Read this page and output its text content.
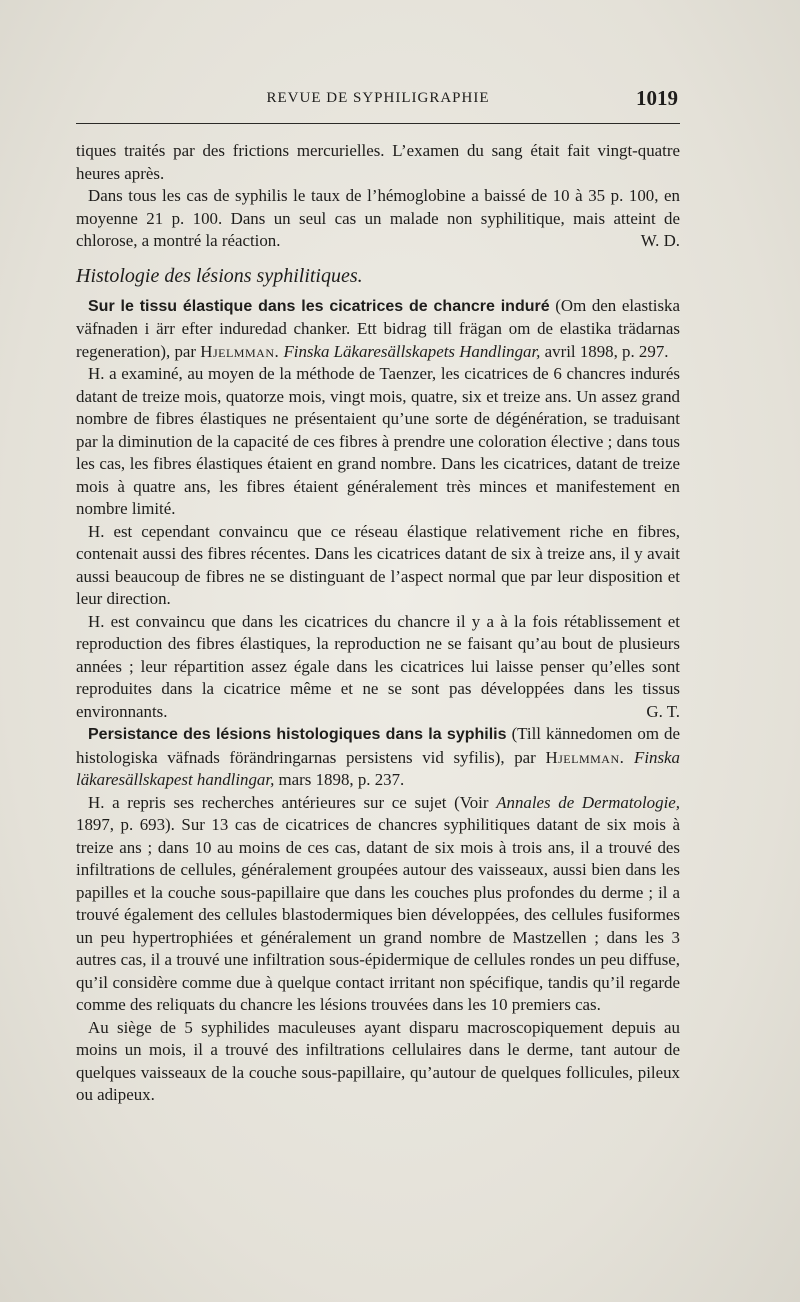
REVUE DE SYPHILIGRAPHIE	1019

tiques traités par des frictions mercurielles. L’examen du sang était fait vingt-quatre heures après.

Dans tous les cas de syphilis le taux de l’hémoglobine a baissé de 10 à 35 p. 100, en moyenne 21 p. 100. Dans un seul cas un malade non syphilitique, mais atteint de chlorose, a montré la réaction.	W. D.

Histologie des lésions syphilitiques.

Sur le tissu élastique dans les cicatrices de chancre induré (Om den elastiska väfnaden i ärr efter induredad chanker. Ett bidrag till frägan om de elastika trädarnas regeneration), par Hjelmman. Finska Läkaresällskapets Handlingar, avril 1898, p. 297.

H. a examiné, au moyen de la méthode de Taenzer, les cicatrices de 6 chancres indurés datant de treize mois, quatorze mois, vingt mois, quatre, six et treize ans. Un assez grand nombre de fibres élastiques ne présentaient qu’une sorte de dégénération, se traduisant par la diminution de la capacité de ces fibres à prendre une coloration élective ; dans tous les cas, les fibres élastiques étaient en grand nombre. Dans les cicatrices, datant de treize mois à quatre ans, les fibres étaient généralement très minces et manifestement en nombre limité.

H. est cependant convaincu que ce réseau élastique relativement riche en fibres, contenait aussi des fibres récentes. Dans les cicatrices datant de six à treize ans, il y avait aussi beaucoup de fibres ne se distinguant de l’aspect normal que par leur disposition et leur direction.

H. est convaincu que dans les cicatrices du chancre il y a à la fois rétablissement et reproduction des fibres élastiques, la reproduction ne se faisant qu’au bout de plusieurs années ; leur répartition assez égale dans les cicatrices lui laisse penser qu’elles sont reproduites dans la cicatrice même et ne se sont pas développées dans les tissus environnants.	G. T.

Persistance des lésions histologiques dans la syphilis (Till kännedomen om de histologiska väfnads förändringarnas persistens vid syfilis), par Hjelmman. Finska läkaresällskapest handlingar, mars 1898, p. 237.

H. a repris ses recherches antérieures sur ce sujet (Voir Annales de Dermatologie, 1897, p. 693). Sur 13 cas de cicatrices de chancres syphilitiques datant de six mois à treize ans ; dans 10 au moins de ces cas, datant de six mois à trois ans, il a trouvé des infiltrations de cellules, généralement groupées autour des vaisseaux, aussi bien dans les papilles et la couche sous-papillaire que dans les couches plus profondes du derme ; il a trouvé également des cellules blastodermiques bien développées, des cellules fusiformes un peu hypertrophiées et généralement un grand nombre de Mastzellen ; dans les 3 autres cas, il a trouvé une infiltration sous-épidermique de cellules rondes un peu diffuse, qu’il considère comme due à quelque contact irritant non spécifique, tandis qu’il regarde comme des reliquats du chancre les lésions trouvées dans les 10 premiers cas.

Au siège de 5 syphilides maculeuses ayant disparu macroscopiquement depuis au moins un mois, il a trouvé des infiltrations cellulaires dans le derme, tant autour de quelques vaisseaux de la couche sous-papillaire, qu’autour de quelques follicules, pileux ou adipeux.
